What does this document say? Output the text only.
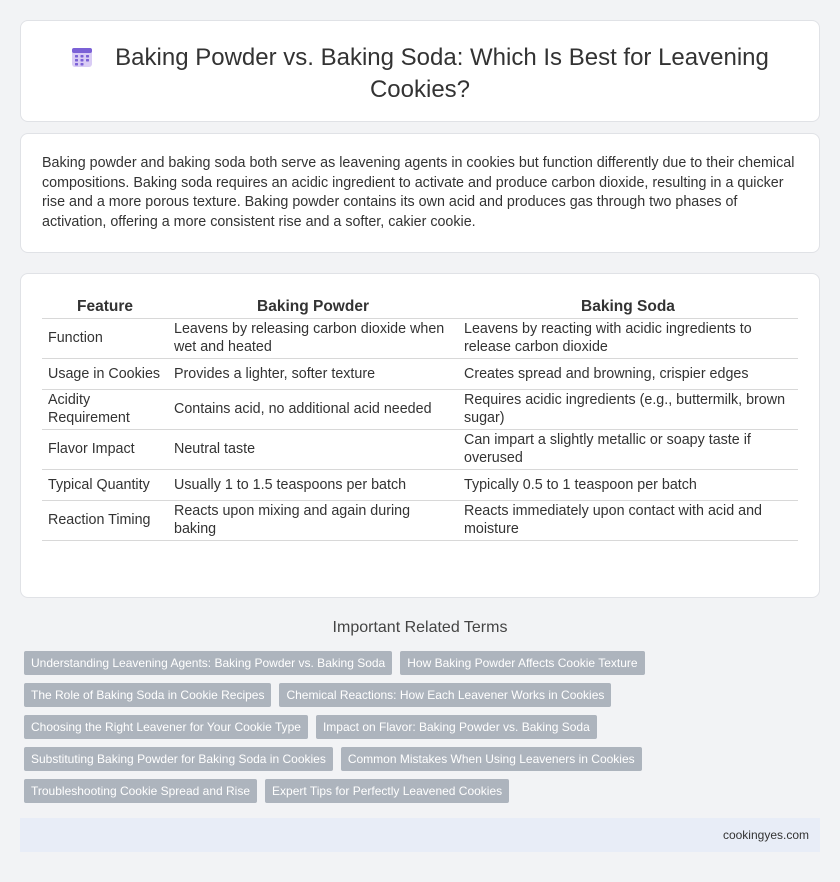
Baking Powder vs. Baking Soda: Which Is Best for Leavening Cookies?

Baking powder and baking soda both serve as leavening agents in cookies but function differently due to their chemical compositions. Baking soda requires an acidic ingredient to activate and produce carbon dioxide, resulting in a quicker rise and a more porous texture. Baking powder contains its own acid and produces gas through two phases of activation, offering a more consistent rise and a softer, cakier cookie.

Feature	Baking Powder	Baking Soda
Function	Leavens by releasing carbon dioxide when wet and heated	Leavens by reacting with acidic ingredients to release carbon dioxide
Usage in Cookies	Provides a lighter, softer texture	Creates spread and browning, crispier edges
Acidity Requirement	Contains acid, no additional acid needed	Requires acidic ingredients (e.g., buttermilk, brown sugar)
Flavor Impact	Neutral taste	Can impart a slightly metallic or soapy taste if overused
Typical Quantity	Usually 1 to 1.5 teaspoons per batch	Typically 0.5 to 1 teaspoon per batch
Reaction Timing	Reacts upon mixing and again during baking	Reacts immediately upon contact with acid and moisture
Important Related Terms
Understanding Leavening Agents: Baking Powder vs. Baking Soda	How Baking Powder Affects Cookie Texture
The Role of Baking Soda in Cookie Recipes	Chemical Reactions: How Each Leavener Works in Cookies
Choosing the Right Leavener for Your Cookie Type	Impact on Flavor: Baking Powder vs. Baking Soda
Substituting Baking Powder for Baking Soda in Cookies	Common Mistakes When Using Leaveners in Cookies
Troubleshooting Cookie Spread and Rise	Expert Tips for Perfectly Leavened Cookies
cookingyes.com
